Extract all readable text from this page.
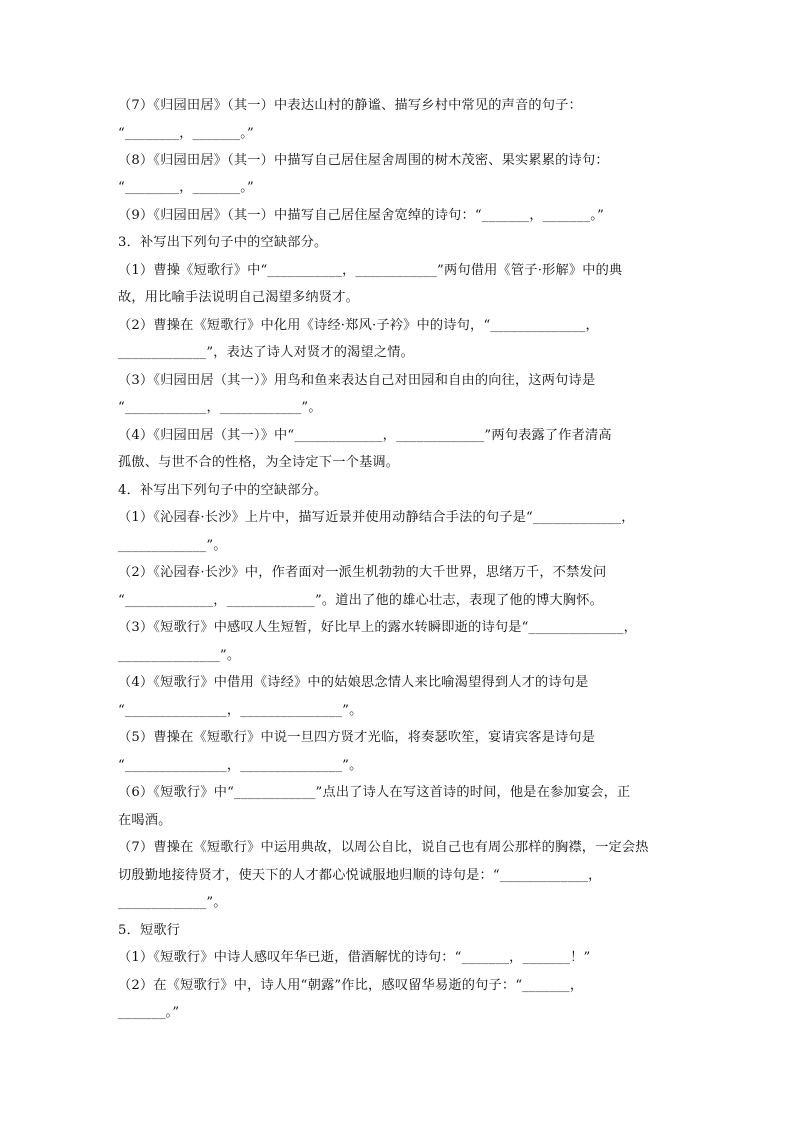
（7）《归园田居》（其一）中表达山村的静谧、描写乡村中常见的声音的句子：
“________，_______。”
（8）《归园田居》（其一）中描写自己居住屋舍周围的树木茂密、果实累累的诗句：
“________，_______。”
（9）《归园田居》（其一）中描写自己居住屋舍宽绰的诗句：“_______，_______。”
3．补写出下列句子中的空缺部分。
（1）曹操《短歌行》中“___________，____________”两句借用《管子·形解》中的典
故，用比喻手法说明自己渴望多纳贤才。
（2）曹操在《短歌行》中化用《诗经·郑风·子衿》中的诗句，“______________，
_____________”，表达了诗人对贤才的渴望之情。
（3）《归园田居（其一）》用鸟和鱼来表达自己对田园和自由的向往，这两句诗是
“____________，____________”。
（4）《归园田居（其一）》中“_____________，_____________”两句表露了作者清高
孤傲、与世不合的性格，为全诗定下一个基调。
4．补写出下列句子中的空缺部分。
（1）《沁园春·长沙》上片中，描写近景并使用动静结合手法的句子是“_____________，
_____________”。
（2）《沁园春·长沙》中，作者面对一派生机勃勃的大千世界，思绪万千，不禁发问
“_____________，_____________”。道出了他的雄心壮志，表现了他的博大胸怀。
（3）《短歌行》中感叹人生短暂，好比早上的露水转瞬即逝的诗句是“______________，
_______________”。
（4）《短歌行》中借用《诗经》中的姑娘思念情人来比喻渴望得到人才的诗句是
“_______________，_______________”。
（5）曹操在《短歌行》中说一旦四方贤才光临，将奏瑟吹笙，宴请宾客是诗句是
“_______________，_______________”。
（6）《短歌行》中“____________”点出了诗人在写这首诗的时间，他是在参加宴会，正
在喝酒。
（7）曹操在《短歌行》中运用典故，以周公自比，说自己也有周公那样的胸襟，一定会热
切殷勤地接待贤才，使天下的人才都心悦诚服地归顺的诗句是：“_____________，
_____________”。
5．短歌行
（1）《短歌行》中诗人感叹年华已逝，借酒解忧的诗句：“_______，_______！”
（2）在《短歌行》中，诗人用“朝露”作比，感叹留华易逝的句子：“_______，
_______。”
